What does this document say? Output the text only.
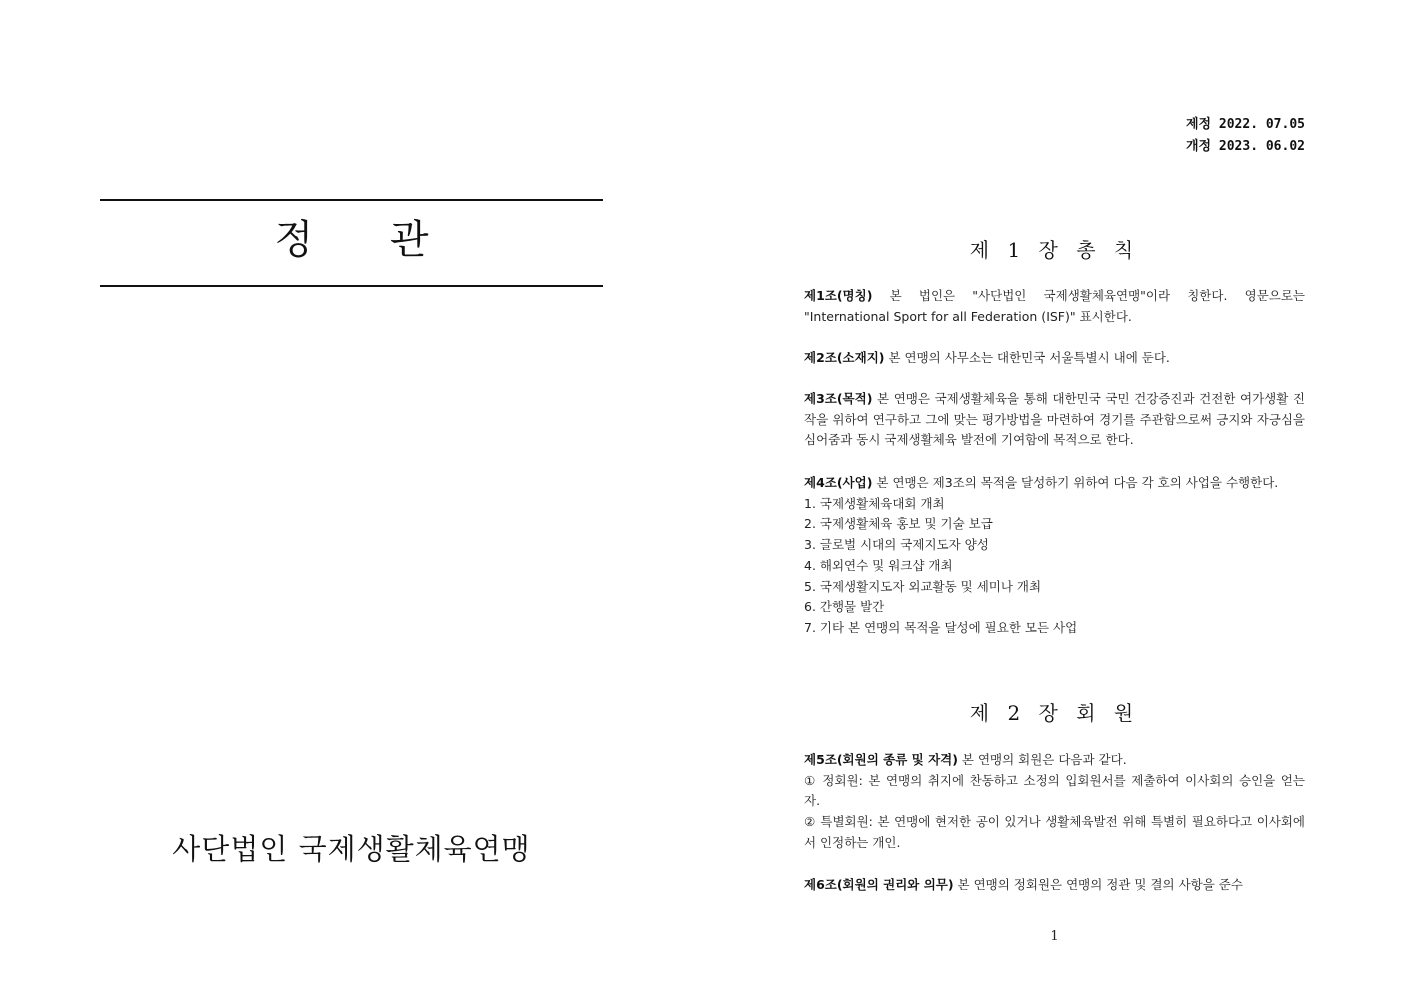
정 관
사단법인 국제생활체육연맹
제정 2022. 07.05
개정 2023. 06.02
제 1 장 총 칙

제1조(명칭) 본 법인은 "사단법인 국제생활체육연맹"이라 칭한다. 영문으로는 "International Sport for all Federation (ISF)" 표시한다.

제2조(소재지) 본 연맹의 사무소는 대한민국 서울특별시 내에 둔다.

제3조(목적) 본 연맹은 국제생활체육을 통해 대한민국 국민 건강증진과 건전한 여가생활 진작을 위하여 연구하고 그에 맞는 평가방법을 마련하여 경기를 주관함으로써 긍지와 자긍심을 심어줌과 동시 국제생활체육 발전에 기여함에 목적으로 한다.

제4조(사업) 본 연맹은 제3조의 목적을 달성하기 위하여 다음 각 호의 사업을 수행한다.

1. 국제생활체육대회 개최
2. 국제생활체육 홍보 및 기술 보급
3. 글로벌 시대의 국제지도자 양성
4. 해외연수 및 워크샵 개최
5. 국제생활지도자 외교활동 및 세미나 개최
6. 간행물 발간
7. 기타 본 연맹의 목적을 달성에 필요한 모든 사업
제 2 장 회 원

제5조(회원의 종류 및 자격) 본 연맹의 회원은 다음과 같다.

① 정회원: 본 연맹의 취지에 찬동하고 소정의 입회원서를 제출하여 이사회의 승인을 얻는 자.

② 특별회원: 본 연맹에 현저한 공이 있거나 생활체육발전 위해 특별히 필요하다고 이사회에서 인정하는 개인.

제6조(회원의 권리와 의무) 본 연맹의 정회원은 연맹의 정관 및 결의 사항을 준수

1
